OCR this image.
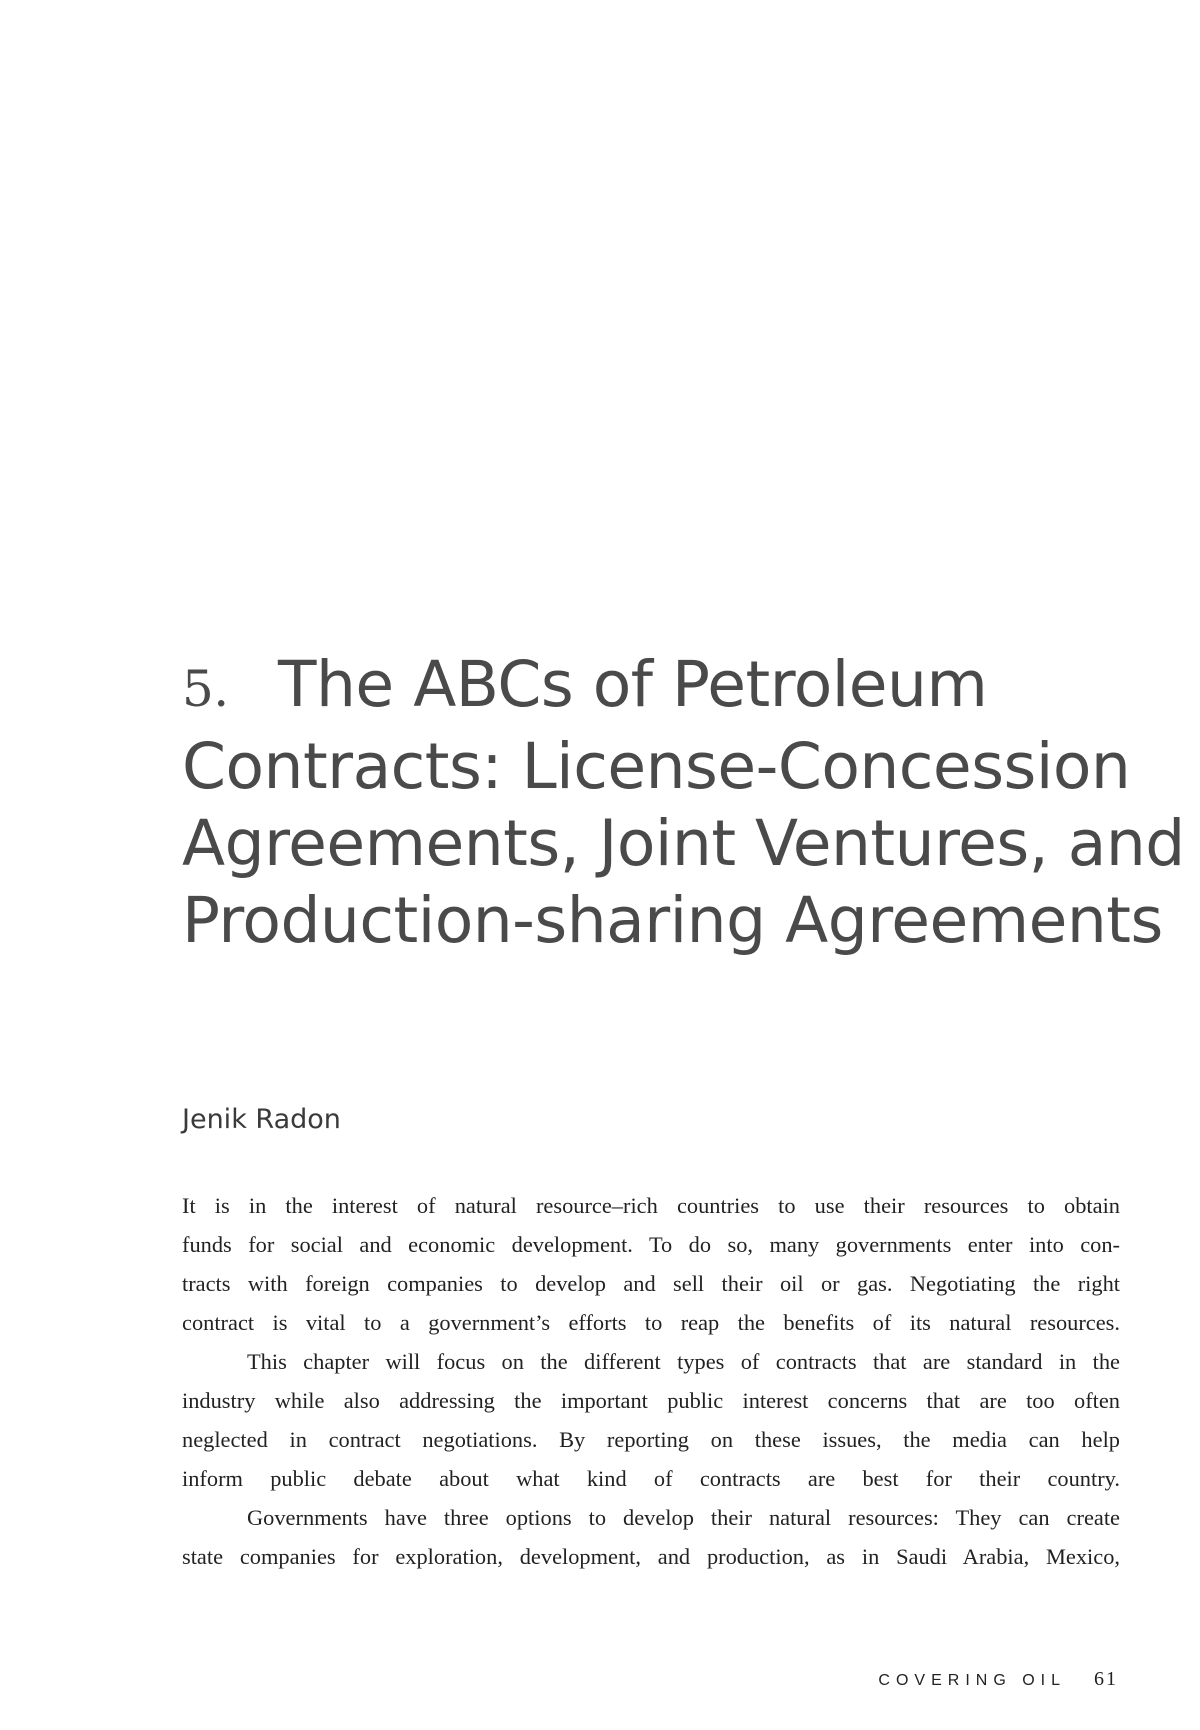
5. The ABCs of Petroleum
Contracts: License-Concession
Agreements, Joint Ventures, and
Production-sharing Agreements
Jenik Radon

It is in the interest of natural resource–rich countries to use their resources to obtain
funds for social and economic development. To do so, many governments enter into con-
tracts with foreign companies to develop and sell their oil or gas. Negotiating the right
contract is vital to a government’s efforts to reap the benefits of its natural resources.

This chapter will focus on the different types of contracts that are standard in the
industry while also addressing the important public interest concerns that are too often
neglected in contract negotiations. By reporting on these issues, the media can help
inform public debate about what kind of contracts are best for their country.

Governments have three options to develop their natural resources: They can create
state companies for exploration, development, and production, as in Saudi Arabia, Mexico,

COVERING OIL 61
